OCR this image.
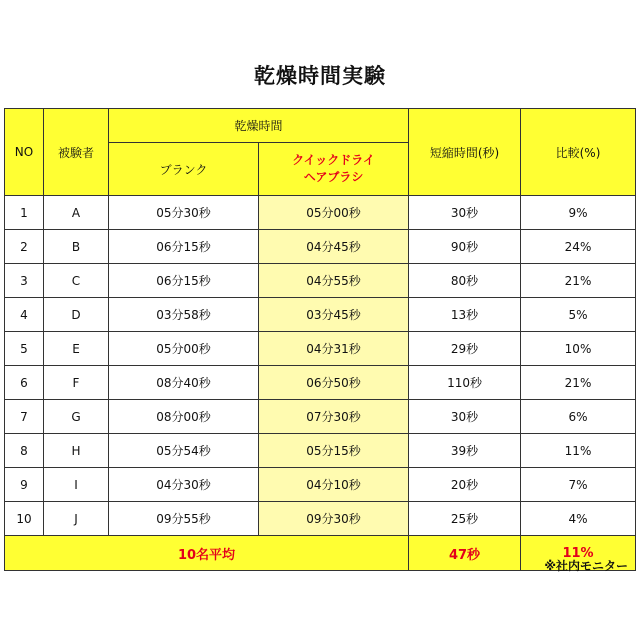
乾燥時間実験
NO	被験者	乾燥時間		短縮時間(秒)	比較(%)
		ブランク	クイックドライ
ヘアブラシ		
1	A	05分30秒	05分00秒	30秒	9%
2	B	06分15秒	04分45秒	90秒	24%
3	C	06分15秒	04分55秒	80秒	21%
4	D	03分58秒	03分45秒	13秒	5%
5	E	05分00秒	04分31秒	29秒	10%
6	F	08分40秒	06分50秒	110秒	21%
7	G	08分00秒	07分30秒	30秒	6%
8	H	05分54秒	05分15秒	39秒	11%
9	I	04分30秒	04分10秒	20秒	7%
10	J	09分55秒	09分30秒	25秒	4%
10名平均				47秒	11%
※社内モニター
